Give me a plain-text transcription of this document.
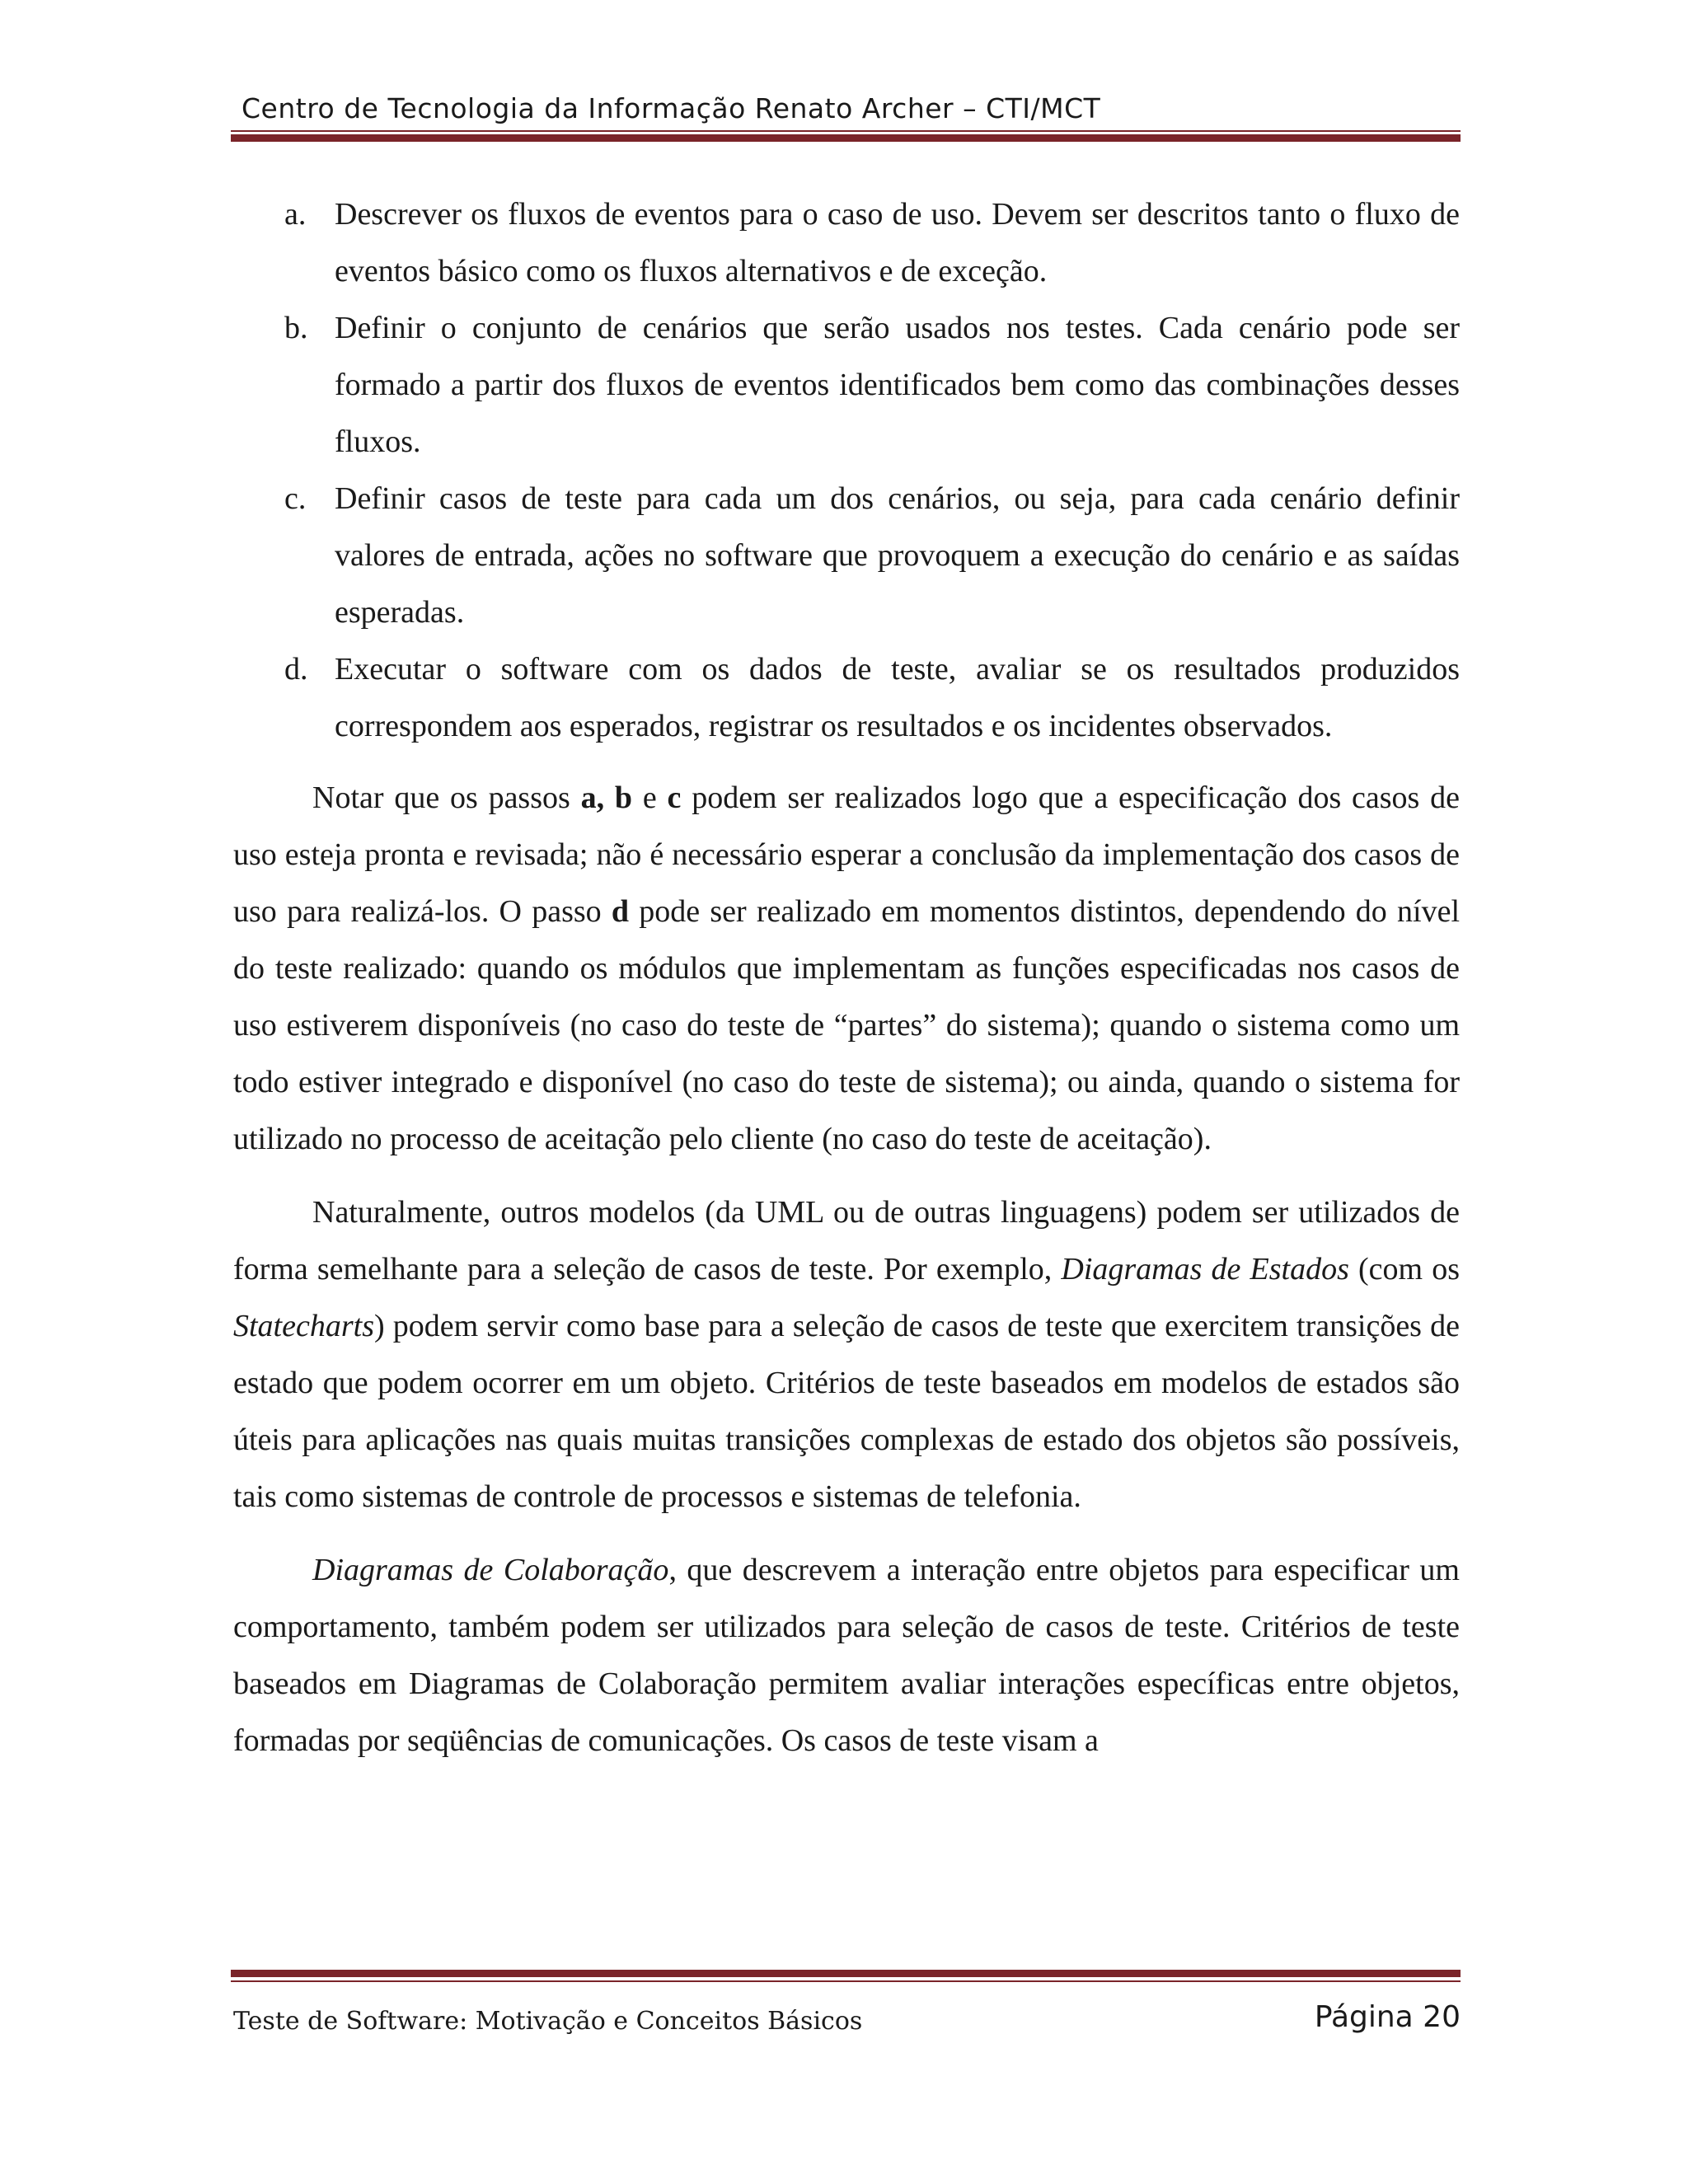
Centro de Tecnologia da Informação Renato Archer – CTI/MCT
a. Descrever os fluxos de eventos para o caso de uso. Devem ser descritos tanto o fluxo de eventos básico como os fluxos alternativos e de exceção.
b. Definir o conjunto de cenários que serão usados nos testes. Cada cenário pode ser formado a partir dos fluxos de eventos identificados bem como das combinações desses fluxos.
c. Definir casos de teste para cada um dos cenários, ou seja, para cada cenário definir valores de entrada, ações no software que provoquem a execução do cenário e as saídas esperadas.
d. Executar o software com os dados de teste, avaliar se os resultados produzidos correspondem aos esperados, registrar os resultados e os incidentes observados.

Notar que os passos a, b e c podem ser realizados logo que a especificação dos casos de uso esteja pronta e revisada; não é necessário esperar a conclusão da implementação dos casos de uso para realizá-los. O passo d pode ser realizado em momentos distintos, dependendo do nível do teste realizado: quando os módulos que implementam as funções especificadas nos casos de uso estiverem disponíveis (no caso do teste de “partes” do sistema); quando o sistema como um todo estiver integrado e disponível (no caso do teste de sistema); ou ainda, quando o sistema for utilizado no processo de aceitação pelo cliente (no caso do teste de aceitação).

Naturalmente, outros modelos (da UML ou de outras linguagens) podem ser utilizados de forma semelhante para a seleção de casos de teste. Por exemplo, Diagramas de Estados (com os Statecharts) podem servir como base para a seleção de casos de teste que exercitem transições de estado que podem ocorrer em um objeto. Critérios de teste baseados em modelos de estados são úteis para aplicações nas quais muitas transições complexas de estado dos objetos são possíveis, tais como sistemas de controle de processos e sistemas de telefonia.

Diagramas de Colaboração, que descrevem a interação entre objetos para especificar um comportamento, também podem ser utilizados para seleção de casos de teste. Critérios de teste baseados em Diagramas de Colaboração permitem avaliar interações específicas entre objetos, formadas por seqüências de comunicações. Os casos de teste visam a

Teste de Software: Motivação e Conceitos Básicos	Página 20
